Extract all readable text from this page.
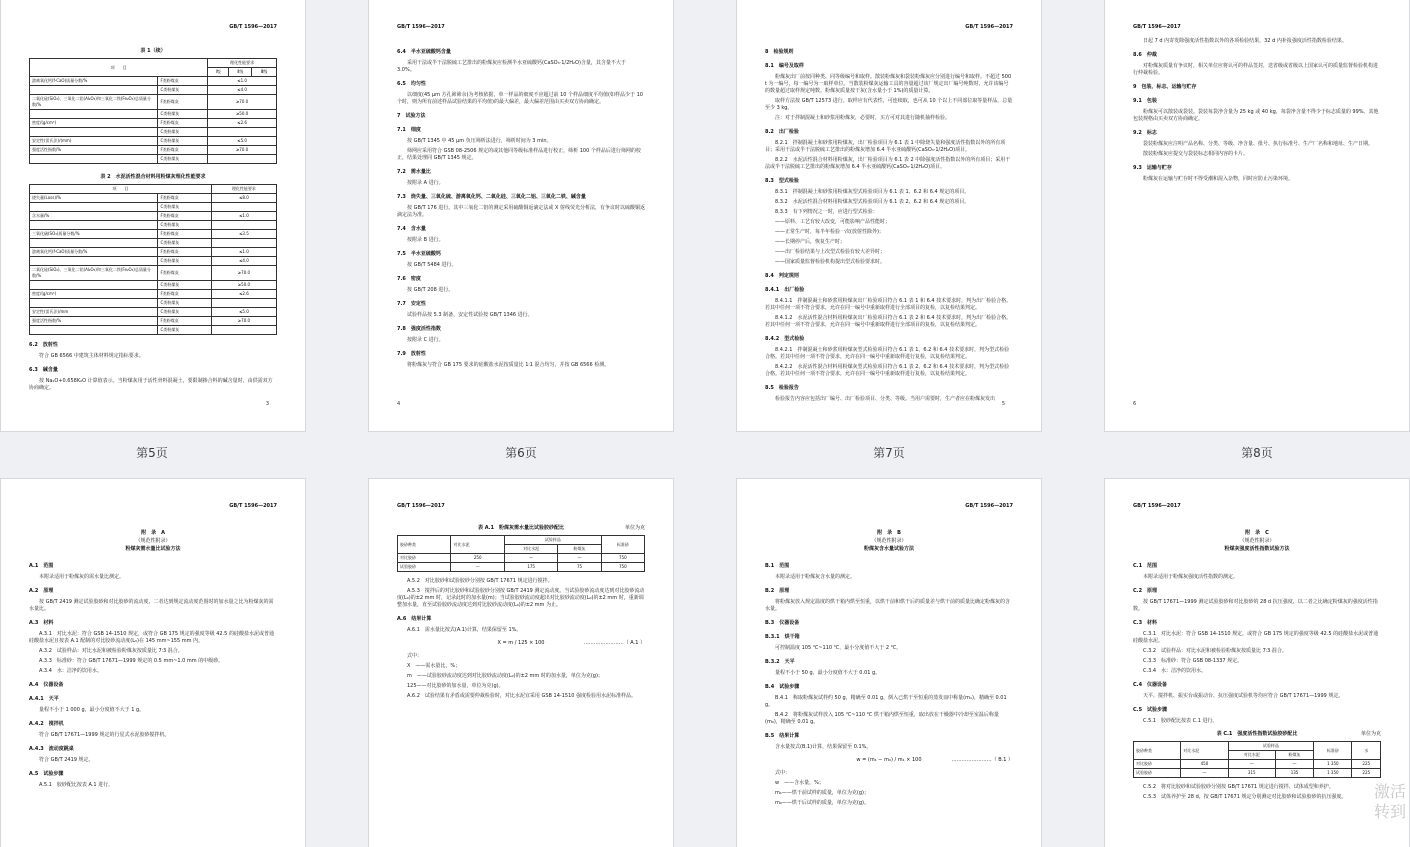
GB/T 1596—2017
表 1（续）
项　　目		理化性能要求		
		Ⅰ级	Ⅱ级	Ⅲ级
游离氧化钙(f-CaO)质量分数/%	F类粉煤灰	≤1.0		
	C类粉煤灰	≤4.0		
二氧化硅(SiO₂)、三氧化二铝(Al₂O₃)和三氧化二铁(Fe₂O₃)总质量分数/%	F类粉煤灰	≥70.0		
	C类粉煤灰	≥50.0		
密度/(g/cm³)	F类粉煤灰	≤2.6		
	C类粉煤灰			
安定性(雷氏法)/(mm)	C类粉煤灰	≤5.0		
强度活性指数/%	F类粉煤灰	≥70.0		
	C类粉煤灰			
表 2　水泥活性混合材料用粉煤灰理化性能要求
项　　目		理化性能要求
烧失量(Loss)/%	F类粉煤灰	≤8.0
	C类粉煤灰	
含水量/%	F类粉煤灰	≤1.0
	C类粉煤灰	
三氧化硫(SO₃)质量分数/%	F类粉煤灰	≤3.5
	C类粉煤灰	
游离氧化钙(f-CaO)质量分数/%	F类粉煤灰	≤1.0
	C类粉煤灰	≤4.0
二氧化硅(SiO₂)、三氧化二铝(Al₂O₃)和三氧化二铁(Fe₂O₃)总质量分数/%	F类粉煤灰	≥70.0
	C类粉煤灰	≥50.0
密度/(g/cm³)	F类粉煤灰	≤2.6
	C类粉煤灰	
安定性(雷氏法)/mm	C类粉煤灰	≤5.0
强度活性指数/%	F类粉煤灰	≥70.0
	C类粉煤灰	
6.2　放射性
符合 GB 6566 中建筑主体材料规定指标要求。
6.3　碱含量
按 Na₂O+0.658K₂O 计算值表示。当粉煤灰用于活性骨料混凝土，要限制掺合料的碱含量时，由供需双方协商确定。
3
GB/T 1596—2017
6.4　半水亚硫酸钙含量
采用干法或半干法脱硫工艺排出的粉煤灰应检测半水亚硫酸钙(CaSO₃·1/2H₂O)含量，其含量不大于 3.0%。
6.5　均匀性
以细度(45 μm 方孔筛筛余)为考核依据，单一样品的细度不应超过前 10 个样品细度平均值(如样品少于 10 个时，则为所有前述样品试验结果的平均值)的最大偏差，最大偏差范围由买卖双方协商确定。
7　试验方法
7.1　细度
按 GB/T 1345 中 45 μm 负压筛析法进行，筛析时间为 3 min。
筛网应采用符合 GSB 08-2506 规定的或其他同等级标准样品进行校正，筛析 100 个样品后进行筛网的校正，结果处理同 GB/T 1345 规定。
7.2　需水量比
按附录 A 进行。
7.3　烧失量、三氧化硫、游离氧化钙、二氧化硅、三氧化二铝、三氧化二铁、碱含量
按 GB/T 176 进行。其中三氧化二铝的测定采用硫酸铜返滴定法或 X 射线荧光分析法，有争议时以硫酸铜返滴定法为准。
7.4　含水量
按附录 B 进行。
7.5　半水亚硫酸钙
按 GB/T 5484 进行。
7.6　密度
按 GB/T 208 进行。
7.7　安定性
试验样品按 5.3 制备，安定性试验按 GB/T 1346 进行。
7.8　强度活性指数
按附录 C 进行。
7.9　放射性
将粉煤灰与符合 GB 175 要求的硅酸盐水泥按质量比 1∶1 混合均匀，并按 GB 6566 检测。
4
GB/T 1596—2017
8　检验规则
8.1　编号及取样
粉煤灰出厂前按同种类、同等级编号和取样。散装粉煤灰和袋装粉煤灰应分别进行编号和取样。不超过 500 t 为一编号，每一编号为一取样单位。当散装粉煤灰运输工具的容量超过该厂规定出厂编号吨数时，允许该编号的数量超过取样规定吨数。粉煤灰质量按干灰(含水量小于 1%)的质量计算。
取样方法按 GB/T 12573 进行。取样应有代表性，可连续取，也可从 10 个以上不同部位取等量样品，总量至少 3 kg。
注：对于拌制混凝土和砂浆用粉煤灰，必要时，买方可对其进行随机抽样检验。
8.2　出厂检验
8.2.1　拌制混凝土和砂浆用粉煤灰，出厂检验项目为 6.1 表 1 中除烧失量和强度活性指数以外的所有项目；采用干法或半干法脱硫工艺排出的粉煤灰增加 6.4 半水亚硫酸钙(CaSO₃·1/2H₂O)项目。
8.2.2　水泥活性混合材料用粉煤灰，出厂检验项目为 6.1 表 2 中除强度活性指数以外的所有项目；采用干法或半干法脱硫工艺排出的粉煤灰增加 6.4 半水亚硫酸钙(CaSO₃·1/2H₂O)项目。
8.3　型式检验
8.3.1　拌制混凝土和砂浆用粉煤灰型式检验项目为 6.1 表 1、6.2 和 6.4 规定的项目。
8.3.2　水泥活性混合材料用粉煤灰型式检验项目为 6.1 表 2、6.2 和 6.4 规定的项目。
8.3.3　有下列情况之一时，应进行型式检验：
——原料、工艺有较大改变，可能影响产品性能时；
——正常生产时，每半年检验一次(放射性除外)；
——长期停产后，恢复生产时；
——出厂检验结果与上次型式检验有较大差异时；
——国家质量监督检验机构提出型式检验要求时。
8.4　判定规则
8.4.1　出厂检验
8.4.1.1　拌制混凝土和砂浆用粉煤灰出厂检验项目符合 6.1 表 1 和 6.4 技术要求时，判为出厂检验合格。若其中任何一项不符合要求，允许在同一编号中重新取样进行全部项目的复检，以复检结果判定。
8.4.1.2　水泥活性混合材料用粉煤灰出厂检验项目符合 6.1 表 2 和 6.4 技术要求时，判为出厂检验合格。若其中任何一项不符合要求，允许在同一编号中重新取样进行全部项目的复检，以复检结果判定。
8.4.2　型式检验
8.4.2.1　拌制混凝土和砂浆用粉煤灰型式检验项目符合 6.1 表 1、6.2 和 6.4 技术要求时，判为型式检验合格。若其中任何一项不符合要求，允许在同一编号中重新取样进行复检，以复检结果判定。
8.4.2.2　水泥活性混合材料用粉煤灰型式检验项目符合 6.1 表 2、6.2 和 6.4 技术要求时，判为型式检验合格。若其中任何一项不符合要求，允许在同一编号中重新取样进行复检，以复检结果判定。
8.5　检验报告
检验报告内容应包括出厂编号、出厂检验项目、分类、等级。当用户需要时，生产者应在粉煤灰发出
5
GB/T 1596—2017
日起 7 d 内寄发除强度活性指数以外的各项检验结果，32 d 内补报强度活性指数检验结果。
8.6　仲裁
对粉煤灰质量有争议时，相关单位应将认可的样品签封，送省级或省级以上国家认可的质量监督检验机构进行仲裁检验。
9　包装、标志、运输与贮存
9.1　包装
粉煤灰可以散装或袋装。袋装每袋净含量为 25 kg 或 40 kg，每袋净含量不得少于标志质量的 99%。其他包装规格由买卖双方协商确定。
9.2　标志
袋装粉煤灰应注明产品名称、分类、等级、净含量、批号、执行标准号、生产厂名称和地址、生产日期。
散装粉煤灰应提交与袋装标志相同内容的卡片。
9.3　运输与贮存
粉煤灰在运输与贮存时不得受潮和混入杂物，同时应防止污染环境。
6
第5页	第6页	第7页	第8页
GB/T 1596—2017
附　录　A
（规范性附录）
粉煤灰需水量比试验方法
A.1　范围
本附录适用于粉煤灰的需水量比测定。
A.2　原理
按 GB/T 2419 测定试验胶砂和对比胶砂的流动度，二者达到规定流动度范围时的加水量之比为粉煤灰的需水量比。
A.3　材料
A.3.1　对比水泥：符合 GSB 14-1510 规定，或符合 GB 175 规定的强度等级 42.5 的硅酸盐水泥或普通硅酸盐水泥且按表 A.1 配制的对比胶砂流动度(L₀)在 145 mm~155 mm 内。
A.3.2　试验样品：对比水泥和被检验粉煤灰按质量比 7∶3 混合。
A.3.3　标准砂：符合 GB/T 17671—1999 规定的 0.5 mm~1.0 mm 的中级砂。
A.3.4　水：洁净的饮用水。
A.4　仪器设备
A.4.1　天平
量程不小于 1 000 g，最小分度值不大于 1 g。
A.4.2　搅拌机
符合 GB/T 17671—1999 规定的行星式水泥胶砂搅拌机。
A.4.3　流动度跳桌
符合 GB/T 2419 规定。
A.5　试验步骤
A.5.1　胶砂配比按表 A.1 进行。
GB/T 1596—2017
表 A.1　粉煤灰需水量比试验胶砂配比	单位为克
胶砂种类	对比水泥	试验样品		标准砂
		对比水泥	粉煤灰	
对比胶砂	250	—	—	750
试验胶砂	—	175	75	750
A.5.2　对比胶砂和试验胶砂分别按 GB/T 17671 规定进行搅拌。
A.5.3　搅拌后的对比胶砂和试验胶砂分别按 GB/T 2419 测定流动度。当试验胶砂流动度达到对比胶砂流动度(L₀)的±2 mm 时，记录此时的加水量(m)；当试验胶砂流动度超出对比胶砂流动度(L₀)的±2 mm 时，重新调整加水量，直至试验胶砂流动度达到对比胶砂流动度(L₀)的±2 mm 为止。
A.6　结果计算
A.6.1　需水量比按式(A.1)计算，结果保留至 1%。
X = m / 125 × 100	……………………（ A.1 ）
式中：
X　——需水量比，%；
m　——试验胶砂流动度达到对比胶砂流动度(L₀)的±2 mm 时的加水量，单位为克(g)；
125——对比胶砂的加水量，单位为克(g)。
A.6.2　试验结果有矛盾或需要仲裁检验时，对比水泥宜采用 GSB 14-1510 强度检验用水泥标准样品。
GB/T 1596—2017
附　录　B
（规范性附录）
粉煤灰含水量试验方法
B.1　范围
本附录适用于粉煤灰含水量的测定。
B.2　原理
将粉煤灰放入规定温度的烘干箱内烘至恒重，以烘干前和烘干后的质量差与烘干前的质量比确定粉煤灰的含水量。
B.3　仪器设备
B.3.1　烘干箱
可控制温度 105 ℃~110 ℃，最小分度值不大于 2 ℃。
B.3.2　天平
量程不小于 50 g，最小分度值不大于 0.01 g。
B.4　试验步骤
B.4.1　称取粉煤灰试样约 50 g，精确至 0.01 g，倒入已烘干至恒重的蒸发皿中称量(m₁)，精确至 0.01 g。
B.4.2　将粉煤灰试样放入 105 ℃~110 ℃ 烘干箱内烘至恒重，取出放在干燥器中冷却至室温后称量(m₀)，精确至 0.01 g。
B.5　结果计算
含水量按式(B.1)计算，结果保留至 0.1%。
w = (m₁ − m₀) / m₁ × 100	……………………（ B.1 ）
式中：
w　——含水量，%；
m₁——烘干前试样的质量，单位为克(g)；
m₀——烘干后试样的质量，单位为克(g)。
GB/T 1596—2017
附　录　C
（规范性附录）
粉煤灰强度活性指数试验方法
C.1　范围
本附录适用于粉煤灰强度活性指数的测定。
C.2　原理
按 GB/T 17671—1999 测定试验胶砂和对比胶砂的 28 d 抗压强度，以二者之比确定粉煤灰的强度活性指数。
C.3　材料
C.3.1　对比水泥：符合 GSB 14-1510 规定，或符合 GB 175 规定的强度等级 42.5 的硅酸盐水泥或普通硅酸盐水泥。
C.3.2　试验样品：对比水泥和被检验粉煤灰按质量比 7∶3 混合。
C.3.3　标准砂：符合 GSB 08-1337 规定。
C.3.4　水：洁净的饮用水。
C.4　仪器设备
天平、搅拌机、振实台或振动台、抗压强度试验机等均应符合 GB/T 17671—1999 规定。
C.5　试验步骤
C.5.1　胶砂配比按表 C.1 进行。
表 C.1　强度活性指数试验胶砂配比	单位为克
胶砂种类	对比水泥	试验样品		标准砂	水
		对比水泥	粉煤灰		
对比胶砂	450	—	—	1 350	225
试验胶砂	—	315	135	1 350	225
C.5.2　将对比胶砂和试验胶砂分别按 GB/T 17671 规定进行搅拌、试体成型和养护。
C.5.3　试体养护至 28 d，按 GB/T 17671 规定分别测定对比胶砂和试验胶砂的抗压强度。	激活
转到
